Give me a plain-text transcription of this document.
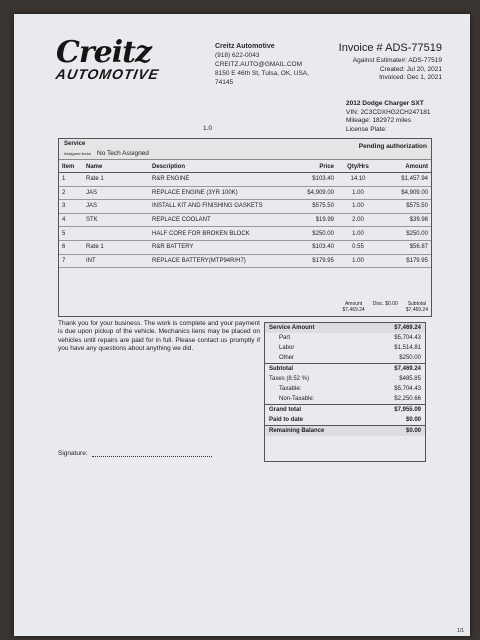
Creitz
AUTOMOTIVE
Creitz Automotive
(918) 622-0043
CREITZ.AUTO@GMAIL.COM
8150 E 46th St, Tulsa, OK, USA,
74145
Invoice # ADS-77519
Against Estimate#: ADS-77519
Created: Jul 20, 2021
Invoiced: Dec 1, 2021
2012 Dodge Charger SXT
VIN: 2C3CDXHG2CH247181
Mileage: 182972 miles
License Plate:
1.0
Service
Assigned techs No Tech Assigned
Pending authorization
Item	Name	Description	Price	Qty/Hrs	Amount
1	Rate 1	R&R ENGINE	$103.40	14.10	$1,457.94
2	JAS	REPLACE ENGINE (3YR 100K)	$4,909.00	1.00	$4,909.00
3	JAS	INSTALL KIT AND FINISHING GASKETS	$575.50	1.00	$575.50
4	STK	REPLACE COOLANT	$19.99	2.00	$39.98
5		HALF CORE FOR BROKEN BLOCK	$250.00	1.00	$250.00
6	Rate 1	R&R BATTERY	$103.40	0.55	$56.87
7	INT	REPLACE BATTERY(MTP94R/H7)	$179.95	1.00	$179.95
Amount
$7,469.24
Disc. $0.00	Subtotal
$7,469.24
Thank you for your business. The work is complete and your payment is due upon pickup of the vehicle. Mechanics liens may be placed on vehicles until repairs are paid for in full. Please contact us promptly if you have any questions about anything we did.
Service Amount	$7,469.24
Part	$5,704.43
Labor	$1,514.81
Other	$250.00
Subtotal	$7,469.24
Taxes (8.52 %)	$485.85
Taxable:	$5,704.43
Non-Taxable:	$2,250.66
Grand total	$7,955.09
Paid to date	$0.00
Remaining Balance	$0.00
Signature:
1/1
